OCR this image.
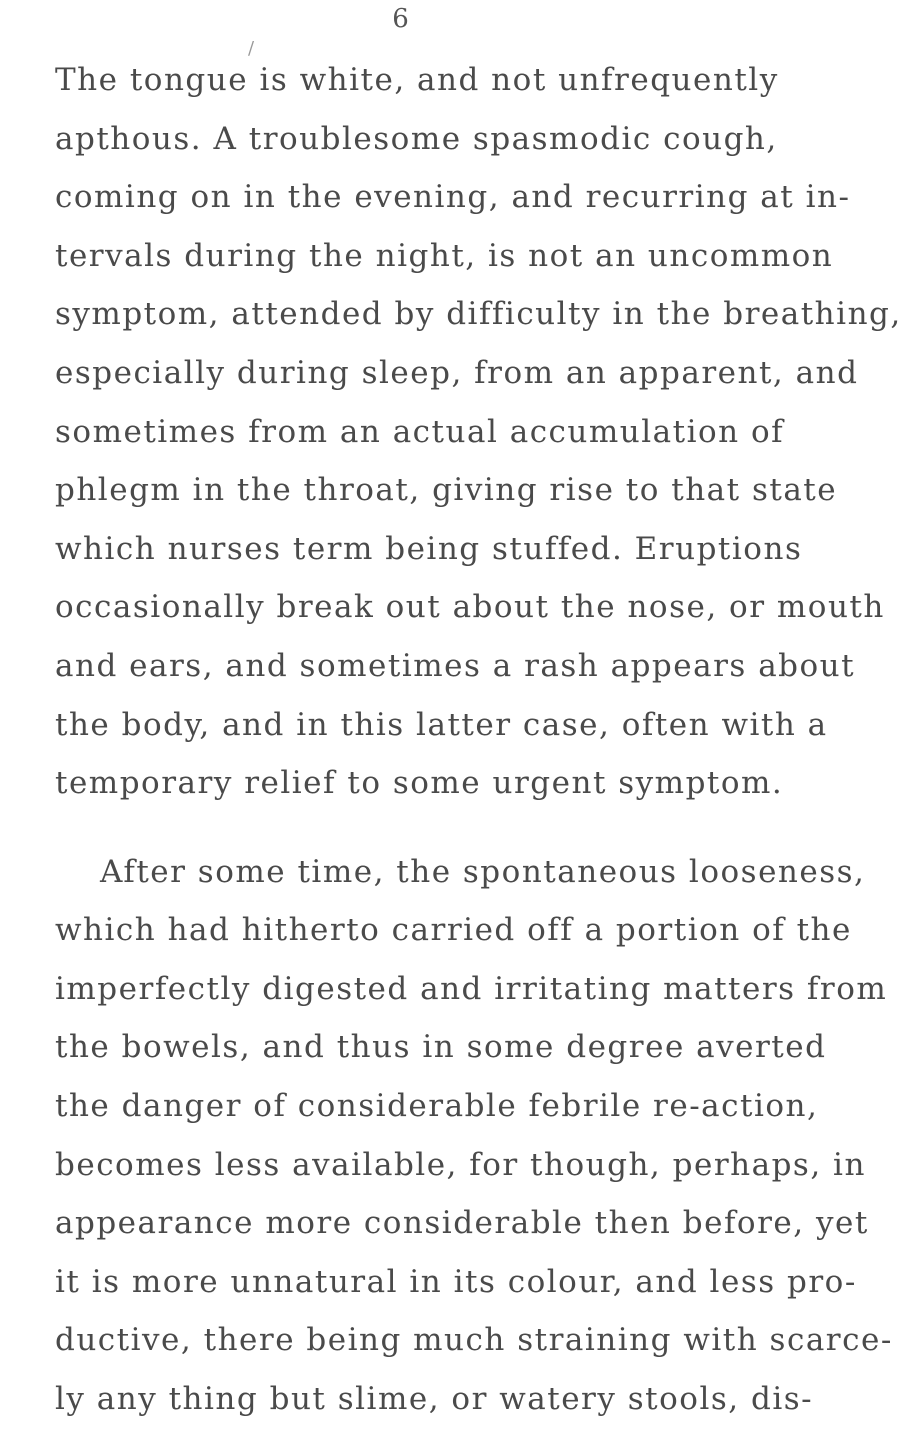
6
/
The tongue is white, and not unfrequently
apthous. A troublesome spasmodic cough,
coming on in the evening, and recurring at in-
tervals during the night, is not an uncommon
symptom, attended by difficulty in the breathing,
especially during sleep, from an apparent, and
sometimes from an actual accumulation of
phlegm in the throat, giving rise to that state
which nurses term being stuffed. Eruptions
occasionally break out about the nose, or mouth
and ears, and sometimes a rash appears about
the body, and in this latter case, often with a
temporary relief to some urgent symptom.
After some time, the spontaneous looseness,
which had hitherto carried off a portion of the
imperfectly digested and irritating matters from
the bowels, and thus in some degree averted
the danger of considerable febrile re-action,
becomes less available, for though, perhaps, in
appearance more considerable then before, yet
it is more unnatural in its colour, and less pro-
ductive, there being much straining with scarce-
ly any thing but slime, or watery stools, dis-
